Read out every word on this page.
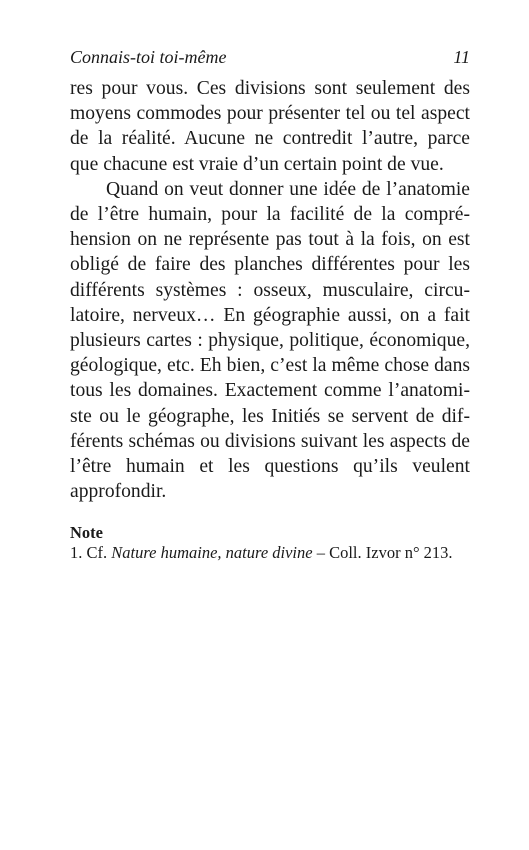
Connais-toi toi-même	11

res pour vous. Ces divisions sont seulement des moyens commodes pour présenter tel ou tel aspect de la réalité. Aucune ne contredit l’autre, parce que chacune est vraie d’un certain point de vue.

Quand on veut donner une idée de l’anatomie de l’être humain, pour la facilité de la compréhension on ne représente pas tout à la fois, on est obligé de faire des planches différentes pour les différents systèmes : osseux, musculaire, circulatoire, nerveux… En géographie aussi, on a fait plusieurs cartes : physique, politique, économique, géologique, etc. Eh bien, c’est la même chose dans tous les domaines. Exactement comme l’anatomiste ou le géographe, les Initiés se servent de différents schémas ou divisions suivant les aspects de l’être humain et les questions qu’ils veulent approfondir.

Note
1. Cf. Nature humaine, nature divine – Coll. Izvor n° 213.
